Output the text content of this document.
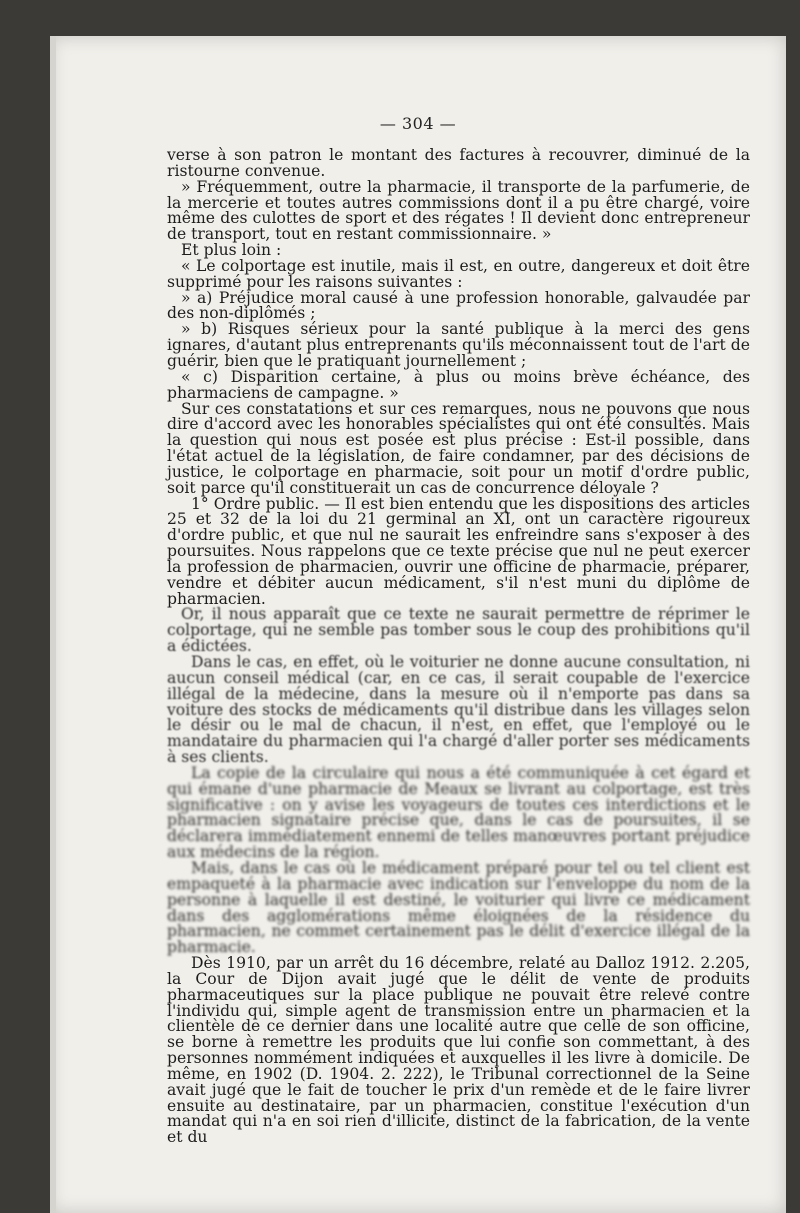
— 304 —

verse à son patron le montant des factures à recouvrer, diminué de la ristourne convenue.

» Fréquemment, outre la pharmacie, il transporte de la parfumerie, de la mercerie et toutes autres commissions dont il a pu être chargé, voire même des culottes de sport et des régates ! Il devient donc entrepreneur de transport, tout en restant commissionnaire. »

Et plus loin :

« Le colportage est inutile, mais il est, en outre, dangereux et doit être supprimé pour les raisons suivantes :

» a) Préjudice moral causé à une profession honorable, galvaudée par des non-diplômés ;

» b) Risques sérieux pour la santé publique à la merci des gens ignares, d'autant plus entreprenants qu'ils méconnaissent tout de l'art de guérir, bien que le pratiquant journellement ;

« c) Disparition certaine, à plus ou moins brève échéance, des pharmaciens de campagne. »

Sur ces constatations et sur ces remarques, nous ne pouvons que nous dire d'accord avec les honorables spécialistes qui ont été consultés. Mais la question qui nous est posée est plus précise : Est-il possible, dans l'état actuel de la législation, de faire condamner, par des décisions de justice, le colportage en pharmacie, soit pour un motif d'ordre public, soit parce qu'il constituerait un cas de concurrence déloyale ?

1° Ordre public. — Il est bien entendu que les dispositions des articles 25 et 32 de la loi du 21 germinal an XI, ont un caractère rigoureux d'ordre public, et que nul ne saurait les enfreindre sans s'exposer à des poursuites. Nous rappelons que ce texte précise que nul ne peut exercer la profession de pharmacien, ouvrir une officine de pharmacie, préparer, vendre et débiter aucun médicament, s'il n'est muni du diplôme de pharmacien.

Or, il nous apparaît que ce texte ne saurait permettre de réprimer le colportage, qui ne semble pas tomber sous le coup des prohibitions qu'il a édictées.

Dans le cas, en effet, où le voiturier ne donne aucune consultation, ni aucun conseil médical (car, en ce cas, il serait coupable de l'exercice illégal de la médecine, dans la mesure où il n'emporte pas dans sa voiture des stocks de médicaments qu'il distribue dans les villages selon le désir ou le mal de chacun, il n'est, en effet, que l'employé ou le mandataire du pharmacien qui l'a chargé d'aller porter ses médicaments à ses clients.

La copie de la circulaire qui nous a été communiquée à cet égard et qui émane d'une pharmacie de Meaux se livrant au colportage, est très significative : on y avise les voyageurs de toutes ces interdictions et le pharmacien signataire précise que, dans le cas de poursuites, il se déclarera immédiatement ennemi de telles manœuvres portant préjudice aux médecins de la région.

Mais, dans le cas où le médicament préparé pour tel ou tel client est empaqueté à la pharmacie avec indication sur l'enveloppe du nom de la personne à laquelle il est destiné, le voiturier qui livre ce médicament dans des agglomérations même éloignées de la résidence du pharmacien, ne commet certainement pas le délit d'exercice illégal de la pharmacie.

Dès 1910, par un arrêt du 16 décembre, relaté au Dalloz 1912. 2.205, la Cour de Dijon avait jugé que le délit de vente de produits pharmaceutiques sur la place publique ne pouvait être relevé contre l'individu qui, simple agent de transmission entre un pharmacien et la clientèle de ce dernier dans une localité autre que celle de son officine, se borne à remettre les produits que lui confie son commettant, à des personnes nommément indiquées et auxquelles il les livre à domicile. De même, en 1902 (D. 1904. 2. 222), le Tribunal correctionnel de la Seine avait jugé que le fait de toucher le prix d'un remède et de le faire livrer ensuite au destinataire, par un pharmacien, constitue l'exécution d'un mandat qui n'a en soi rien d'illicite, distinct de la fabrication, de la vente et du
